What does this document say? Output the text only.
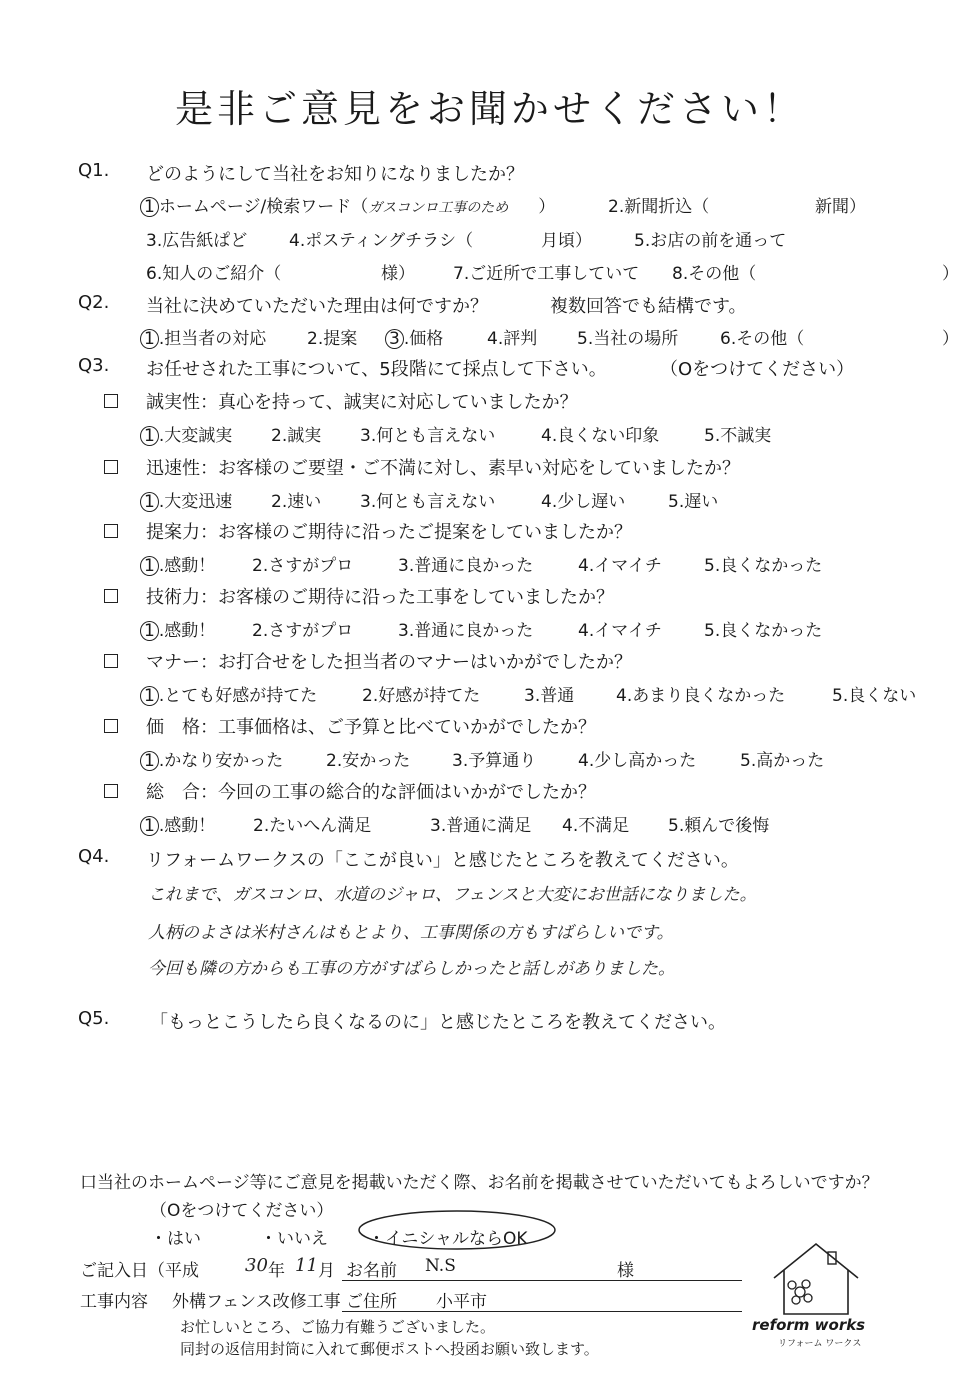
是非ご意見をお聞かせください！
Q1. どのようにして当社をお知りになりましたか？
1 ホームページ/検索ワード（ガスコンロ工事のため ）	2.新聞折込（	新聞）
3.広告紙ぱど 4.ポスティングチラシ（	月頃） 5.お店の前を通って
6.知人のご紹介（	様） 7.ご近所で工事していて 8.その他（	）
Q2. 当社に決めていただいた理由は何ですか？	複数回答でも結構です。
1 .担当者の対応 2.提案 3 .価格	4.評判 5.当社の場所 6.その他（	）
Q3. お任せされた工事について、5段階にて採点して下さい。	（Oをつけてください）
誠実性：真心を持って、誠実に対応していましたか？
1 .大変誠実 2.誠実 3.何とも言えない	4.良くない印象	5.不誠実
迅速性：お客様のご要望・ご不満に対し、素早い対応をしていましたか？
1 .大変迅速 2.速い 3.何とも言えない	4.少し遅い	5.遅い
提案力：お客様のご期待に沿ったご提案をしていましたか？
1 .感動！ 2.さすがプロ	3.普通に良かった	4.イマイチ 5.良くなかった
技術力：お客様のご期待に沿った工事をしていましたか？
1 .感動！ 2.さすがプロ	3.普通に良かった	4.イマイチ 5.良くなかった
マナー：お打合せをした担当者のマナーはいかがでしたか？
1 .とても好感が持てた	2.好感が持てた	3.普通 4.あまり良くなかった	5.良くない
価　格：工事価格は、ご予算と比べていかがでしたか？
1 .かなり安かった	2.安かった 3.予算通り 4.少し高かった	5.高かった
総　合：今回の工事の総合的な評価はいかがでしたか？
1 .感動！ 2.たいへん満足	3.普通に満足 4.不満足 5.頼んで後悔
Q4. リフォームワークスの「ここが良い」と感じたところを教えてください。
これまで、ガスコンロ、水道のジャロ、フェンスと大変にお世話になりました。
人柄のよさは米村さんはもとより、工事関係の方もすばらしいです。
今回も隣の方からも工事の方がすばらしかったと話しがありました。
Q5. 「もっとこうしたら良くなるのに」と感じたところを教えてください。
口当社のホームページ等にご意見を掲載いただく際、お名前を掲載させていただいてもよろしいですか？
（Oをつけてください）
・はい	・いいえ ・イニシャルならOK
ご記入日（平成	30 年 11 月 お名前 N.S	様
工事内容 外構フェンス改修工事 ご住所 小平市
お忙しいところ、ご協力有難うございました。
同封の返信用封筒に入れて郵便ポストへ投函お願い致します。
reform works
リフォーム ワークス
